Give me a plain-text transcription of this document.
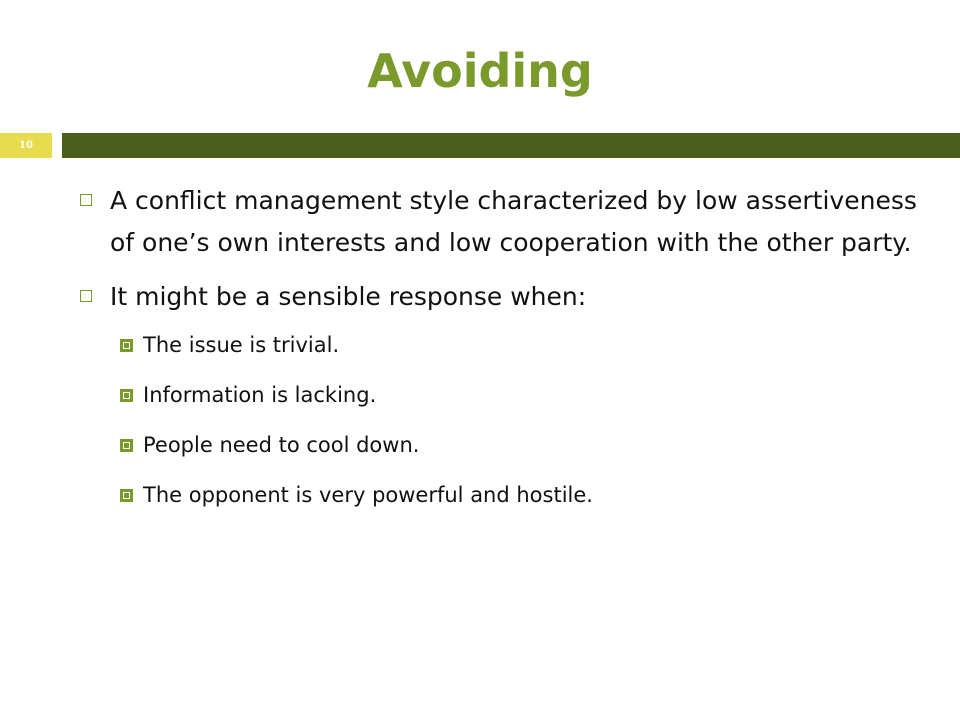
Avoiding
10
A conflict management style characterized by low assertiveness of one’s own interests and low cooperation with the other party.
It might be a sensible response when:
The issue is trivial.
Information is lacking.
People need to cool down.
The opponent is very powerful and hostile.
